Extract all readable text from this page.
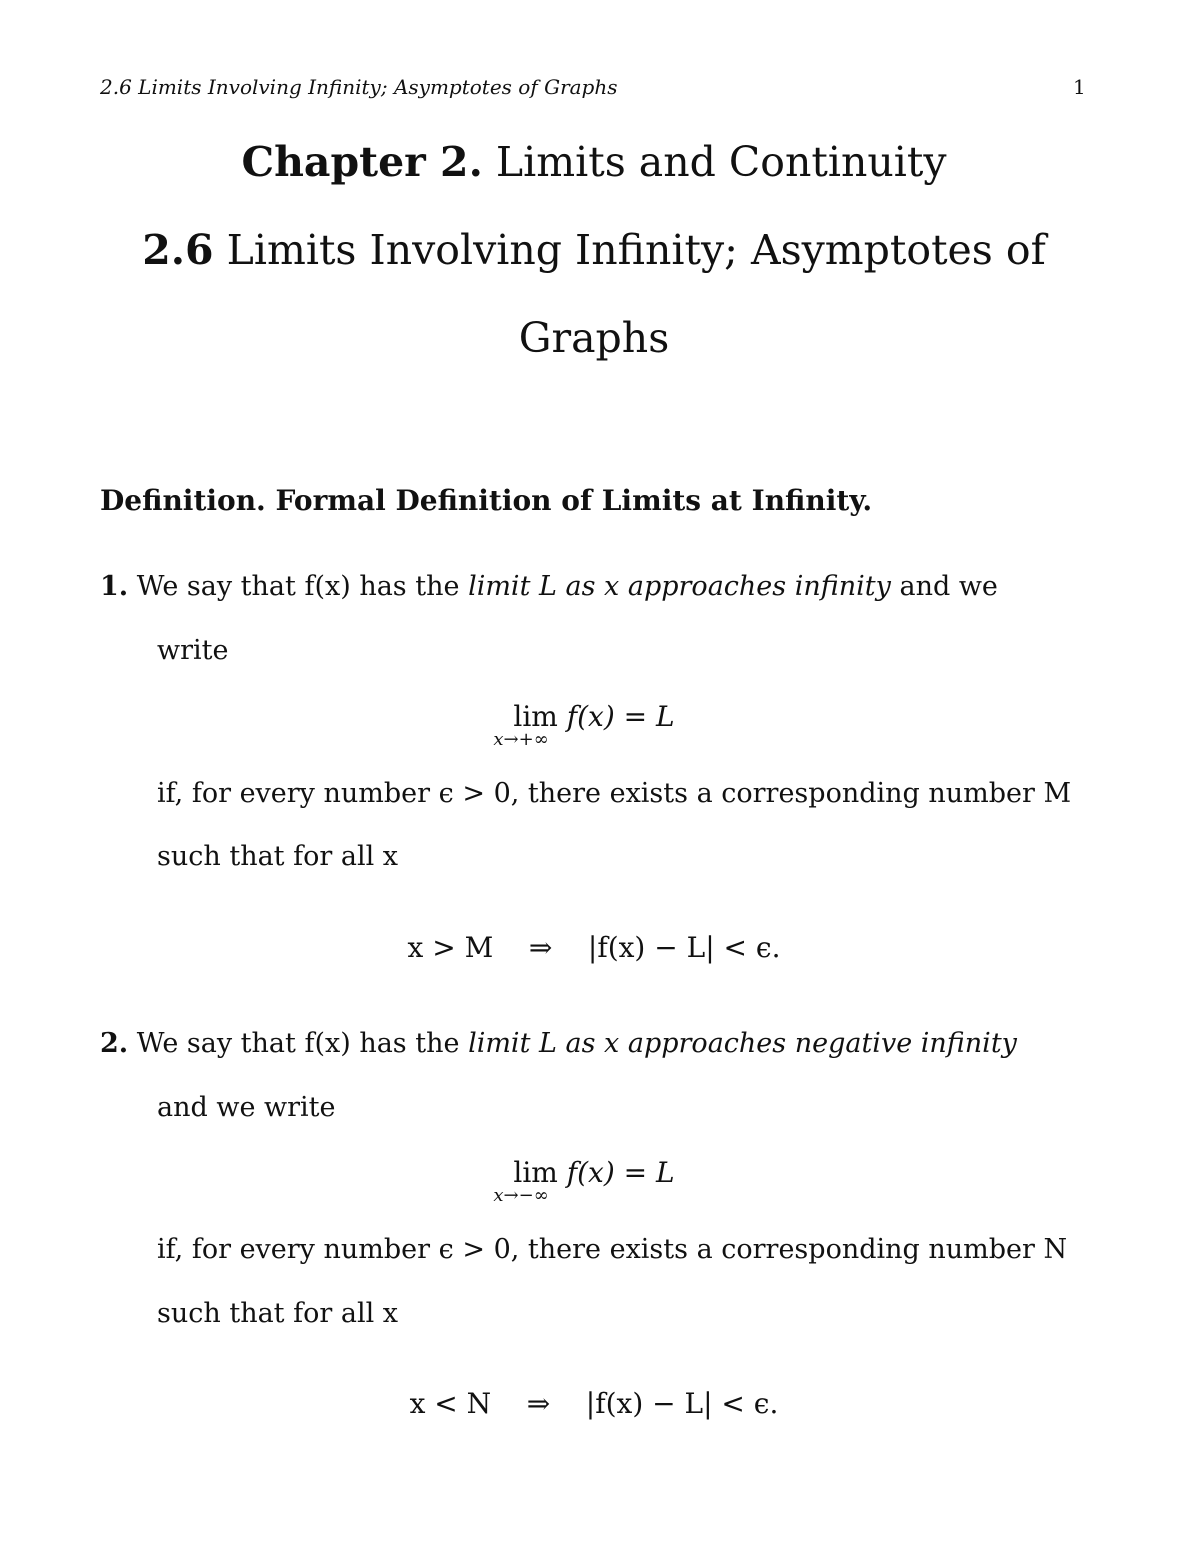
2.6 Limits Involving Infinity; Asymptotes of Graphs	1
Chapter 2. Limits and Continuity
2.6 Limits Involving Infinity; Asymptotes of
Graphs
Definition. Formal Definition of Limits at Infinity.
1. We say that f(x) has the limit L as x approaches infinity and we
write
lim
x→+∞
f(x) = L
if, for every number ϵ > 0, there exists a corresponding number M
such that for all x
x > M    ⇒    |f(x) − L| < ϵ.
2. We say that f(x) has the limit L as x approaches negative infinity
and we write
lim
x→−∞
f(x) = L
if, for every number ϵ > 0, there exists a corresponding number N
such that for all x
x < N    ⇒    |f(x) − L| < ϵ.
